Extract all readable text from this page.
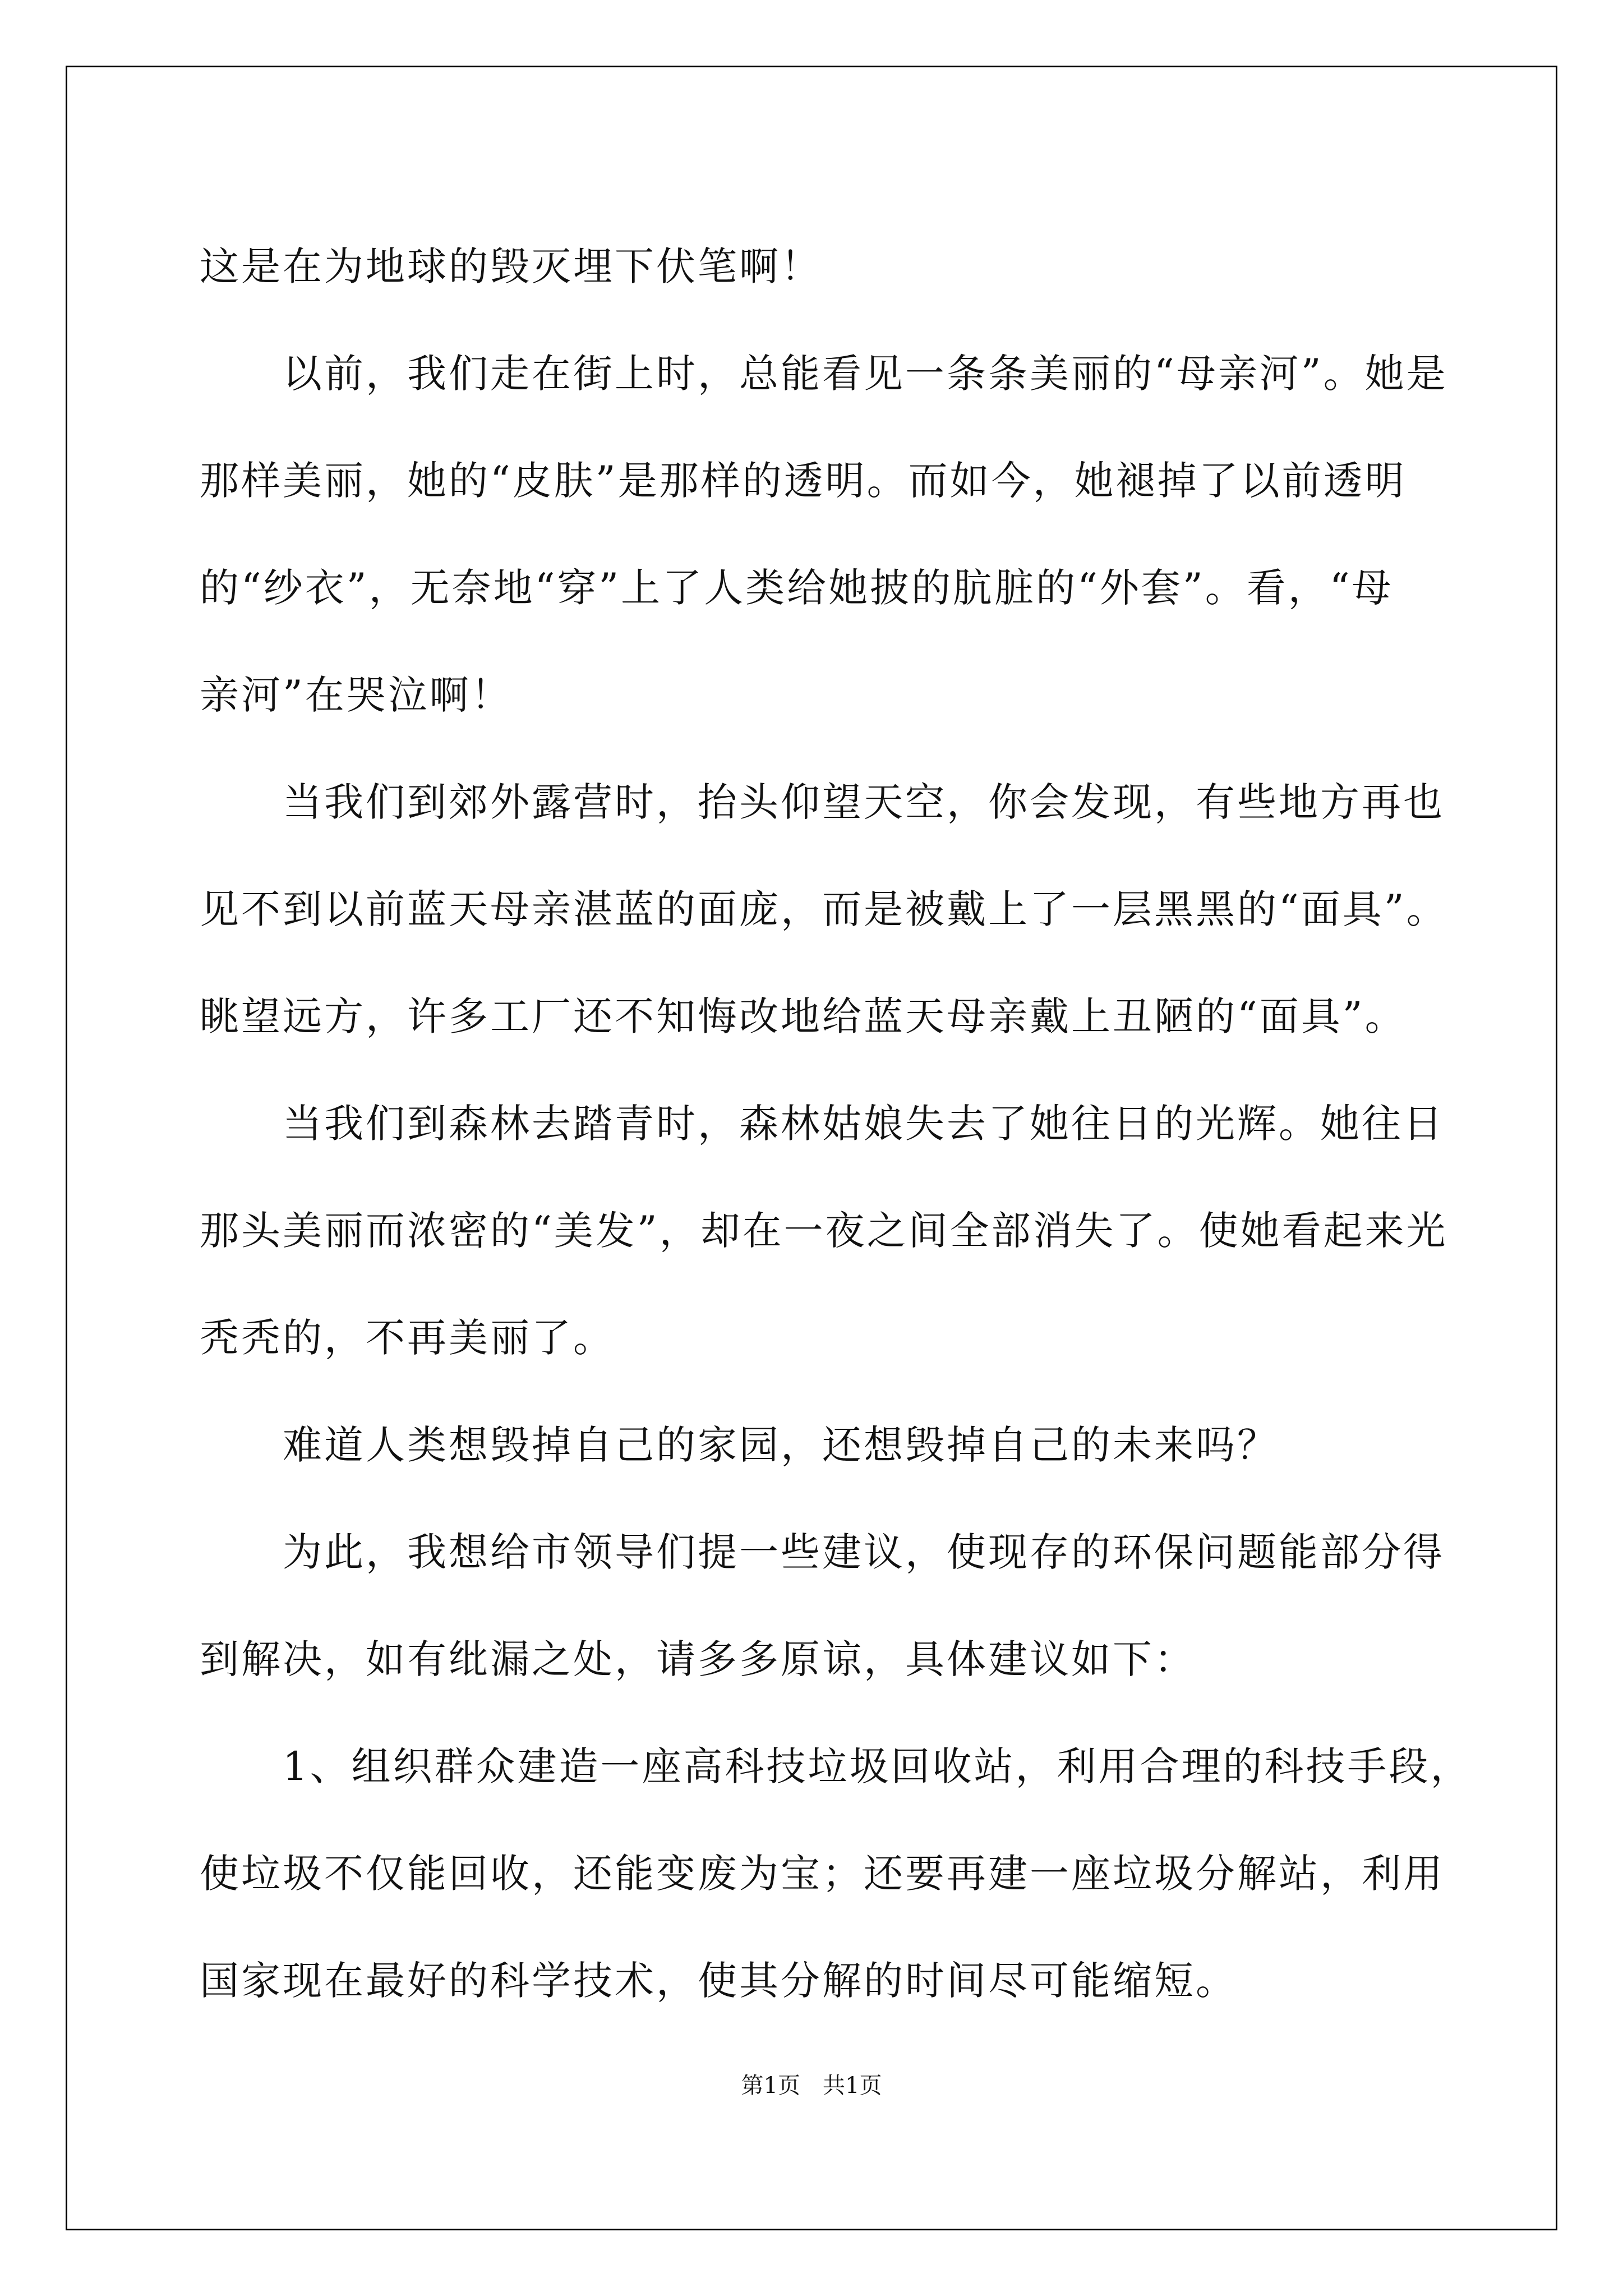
这是在为地球的毁灭埋下伏笔啊！
以前，我们走在街上时，总能看见一条条美丽的“母亲河”。她是
那样美丽，她的“皮肤”是那样的透明。而如今，她褪掉了以前透明
的“纱衣”，无奈地“穿”上了人类给她披的肮脏的“外套”。看，“母
亲河”在哭泣啊！
当我们到郊外露营时，抬头仰望天空，你会发现，有些地方再也
见不到以前蓝天母亲湛蓝的面庞，而是被戴上了一层黑黑的“面具”。
眺望远方，许多工厂还不知悔改地给蓝天母亲戴上丑陋的“面具”。
当我们到森林去踏青时，森林姑娘失去了她往日的光辉。她往日
那头美丽而浓密的“美发”，却在一夜之间全部消失了。使她看起来光
秃秃的，不再美丽了。
难道人类想毁掉自己的家园，还想毁掉自己的未来吗？
为此，我想给市领导们提一些建议，使现存的环保问题能部分得
到解决，如有纰漏之处，请多多原谅，具体建议如下：
1、组织群众建造一座高科技垃圾回收站，利用合理的科技手段，
使垃圾不仅能回收，还能变废为宝；还要再建一座垃圾分解站，利用
国家现在最好的科学技术，使其分解的时间尽可能缩短。
第1页 共1页
